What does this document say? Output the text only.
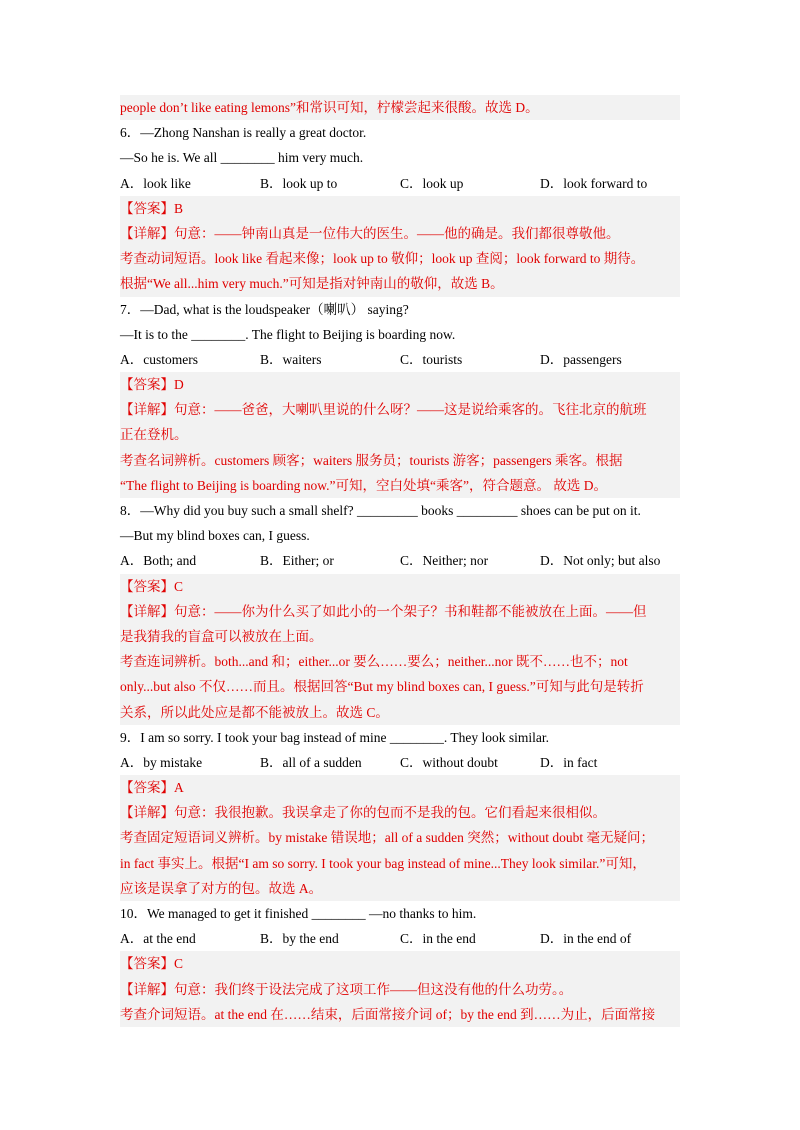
people don’t like eating lemons”和常识可知，柠檬尝起来很酸。故选 D。
6．—Zhong Nanshan is really a great doctor.
—So he is. We all ________ him very much.
A．look like	B．look up to	C．look up	D．look forward to
【答案】B
【详解】句意：——钟南山真是一位伟大的医生。——他的确是。我们都很尊敬他。
考查动词短语。look like 看起来像；look up to 敬仰；look up 查阅；look forward to 期待。
根据“We all...him very much.”可知是指对钟南山的敬仰，故选 B。
7．—Dad, what is the loudspeaker（喇叭） saying?
—It is to the ________. The flight to Beijing is boarding now.
A．customers	B．waiters	C．tourists	D．passengers
【答案】D
【详解】句意：——爸爸，大喇叭里说的什么呀？——这是说给乘客的。飞往北京的航班
正在登机。
考查名词辨析。customers 顾客；waiters 服务员；tourists 游客；passengers 乘客。根据
“The flight to Beijing is boarding now.”可知，空白处填“乘客”，符合题意。 故选 D。
8．—Why did you buy such a small shelf? _________ books _________ shoes can be put on it.
—But my blind boxes can, I guess.
A．Both; and	B．Either; or	C．Neither; nor	D．Not only; but also
【答案】C
【详解】句意：——你为什么买了如此小的一个架子？书和鞋都不能被放在上面。——但
是我猜我的盲盒可以被放在上面。
考查连词辨析。both...and 和；either...or 要么……要么；neither...nor 既不……也不；not
only...but also 不仅……而且。根据回答“But my blind boxes can, I guess.”可知与此句是转折
关系，所以此处应是都不能被放上。故选 C。
9．I am so sorry. I took your bag instead of mine ________. They look similar.
A．by mistake	B．all of a sudden	C．without doubt	D．in fact
【答案】A
【详解】句意：我很抱歉。我误拿走了你的包而不是我的包。它们看起来很相似。
考查固定短语词义辨析。by mistake 错误地；all of a sudden 突然；without doubt 毫无疑问；
in fact 事实上。根据“I am so sorry. I took your bag instead of mine...They look similar.”可知，
应该是误拿了对方的包。故选 A。
10．We managed to get it finished ________ —no thanks to him.
A．at the end	B．by the end	C．in the end	D．in the end of
【答案】C
【详解】句意：我们终于设法完成了这项工作——但这没有他的什么功劳。。
考查介词短语。at the end 在……结束，后面常接介词 of；by the end 到……为止，后面常接
